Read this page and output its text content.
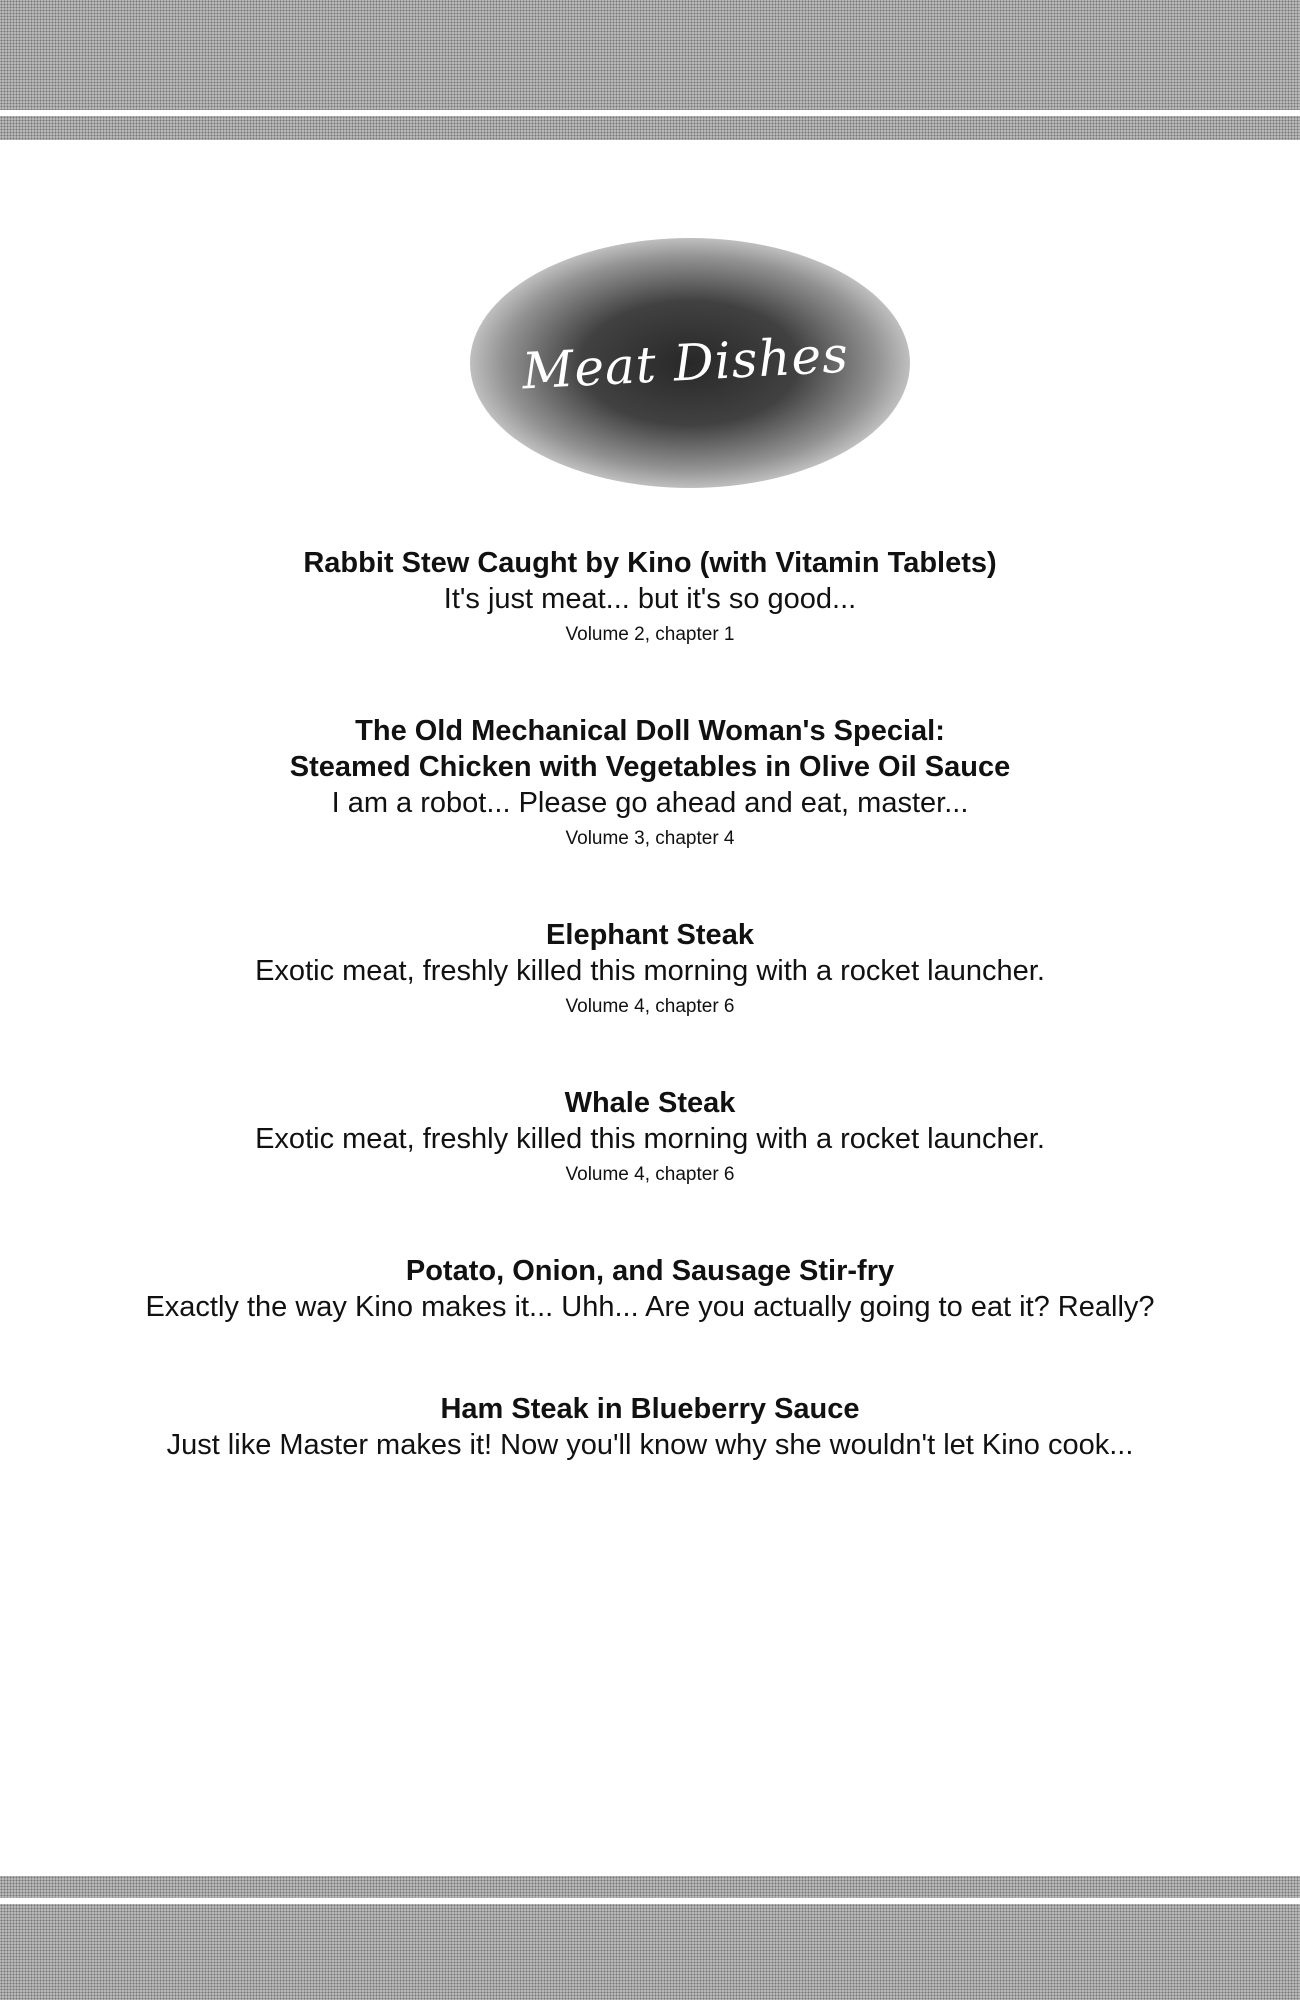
Meat Dishes
Rabbit Stew Caught by Kino (with Vitamin Tablets)
It's just meat... but it's so good...
Volume 2, chapter 1
The Old Mechanical Doll Woman's Special:
Steamed Chicken with Vegetables in Olive Oil Sauce
I am a robot... Please go ahead and eat, master...
Volume 3, chapter 4
Elephant Steak
Exotic meat, freshly killed this morning with a rocket launcher.
Volume 4, chapter 6
Whale Steak
Exotic meat, freshly killed this morning with a rocket launcher.
Volume 4, chapter 6
Potato, Onion, and Sausage Stir-fry
Exactly the way Kino makes it... Uhh... Are you actually going to eat it? Really?
Ham Steak in Blueberry Sauce
Just like Master makes it! Now you'll know why she wouldn't let Kino cook...
